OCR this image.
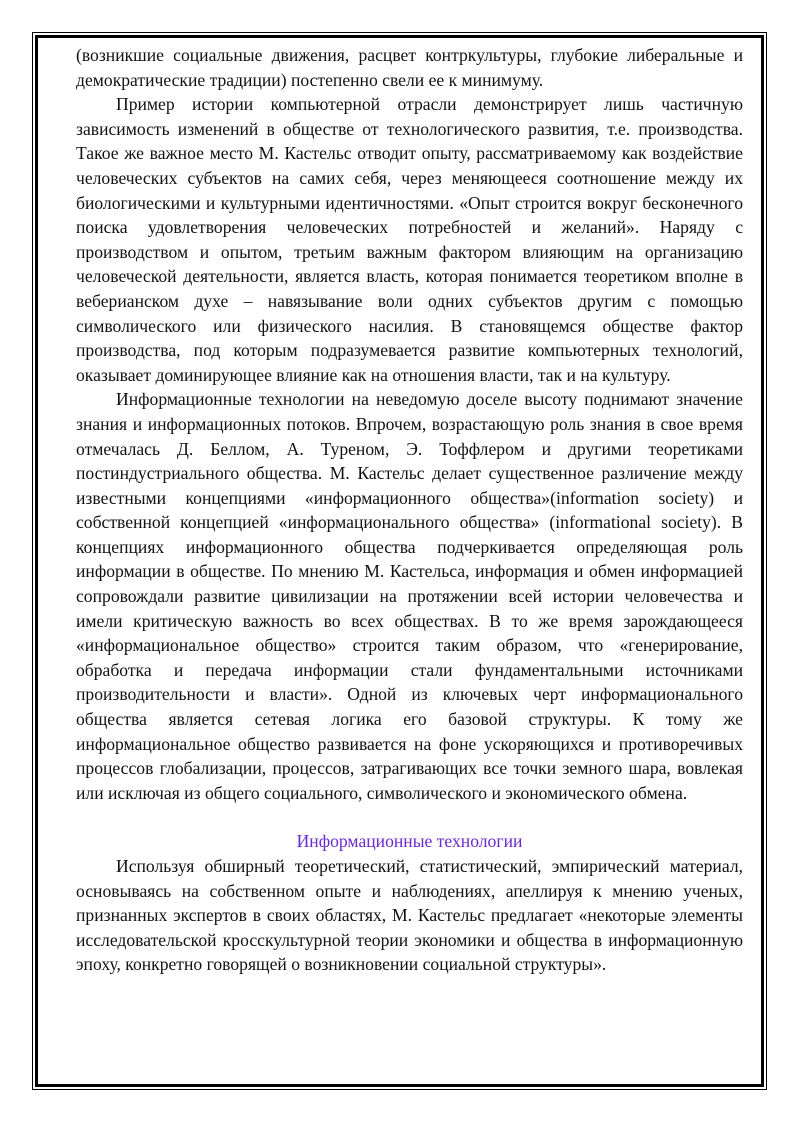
(возникшие социальные движения, расцвет контркультуры, глубокие либеральные и демократические традиции) постепенно свели ее к минимуму.

Пример истории компьютерной отрасли демонстрирует лишь частичную зависимость изменений в обществе от технологического развития, т.е. производства. Такое же важное место М. Кастельс отводит опыту, рассматриваемому как воздействие человеческих субъектов на самих себя, через меняющееся соотношение между их биологическими и культурными идентичностями. «Опыт строится вокруг бесконечного поиска удовлетворения человеческих потребностей и желаний». Наряду с производством и опытом, третьим важным фактором влияющим на организацию человеческой деятельности, является власть, которая понимается теоретиком вполне в веберианском духе – навязывание воли одних субъектов другим с помощью символического или физического насилия. В становящемся обществе фактор производства, под которым подразумевается развитие компьютерных технологий, оказывает доминирующее влияние как на отношения власти, так и на культуру.

Информационные технологии на неведомую доселе высоту поднимают значение знания и информационных потоков. Впрочем, возрастающую роль знания в свое время отмечалась Д. Беллом, А. Туреном, Э. Тоффлером и другими теоретиками постиндустриального общества. М. Кастельс делает существенное различение между известными концепциями «информационного общества»(information society) и собственной концепцией «информационального общества» (informational society). В концепциях информационного общества подчеркивается определяющая роль информации в обществе. По мнению М. Кастельса, информация и обмен информацией сопровождали развитие цивилизации на протяжении всей истории человечества и имели критическую важность во всех обществах. В то же время зарождающееся «информациональное общество» строится таким образом, что «генерирование, обработка и передача информации стали фундаментальными источниками производительности и власти». Одной из ключевых черт информационального общества является сетевая логика его базовой структуры. К тому же информациональное общество развивается на фоне ускоряющихся и противоречивых процессов глобализации, процессов, затрагивающих все точки земного шара, вовлекая или исключая из общего социального, символического и экономического обмена.

Информационные технологии

Используя обширный теоретический, статистический, эмпирический материал, основываясь на собственном опыте и наблюдениях, апеллируя к мнению ученых, признанных экспертов в своих областях, М. Кастельс предлагает «некоторые элементы исследовательской кросскультурной теории экономики и общества в информационную эпоху, конкретно говорящей о возникновении социальной структуры».
